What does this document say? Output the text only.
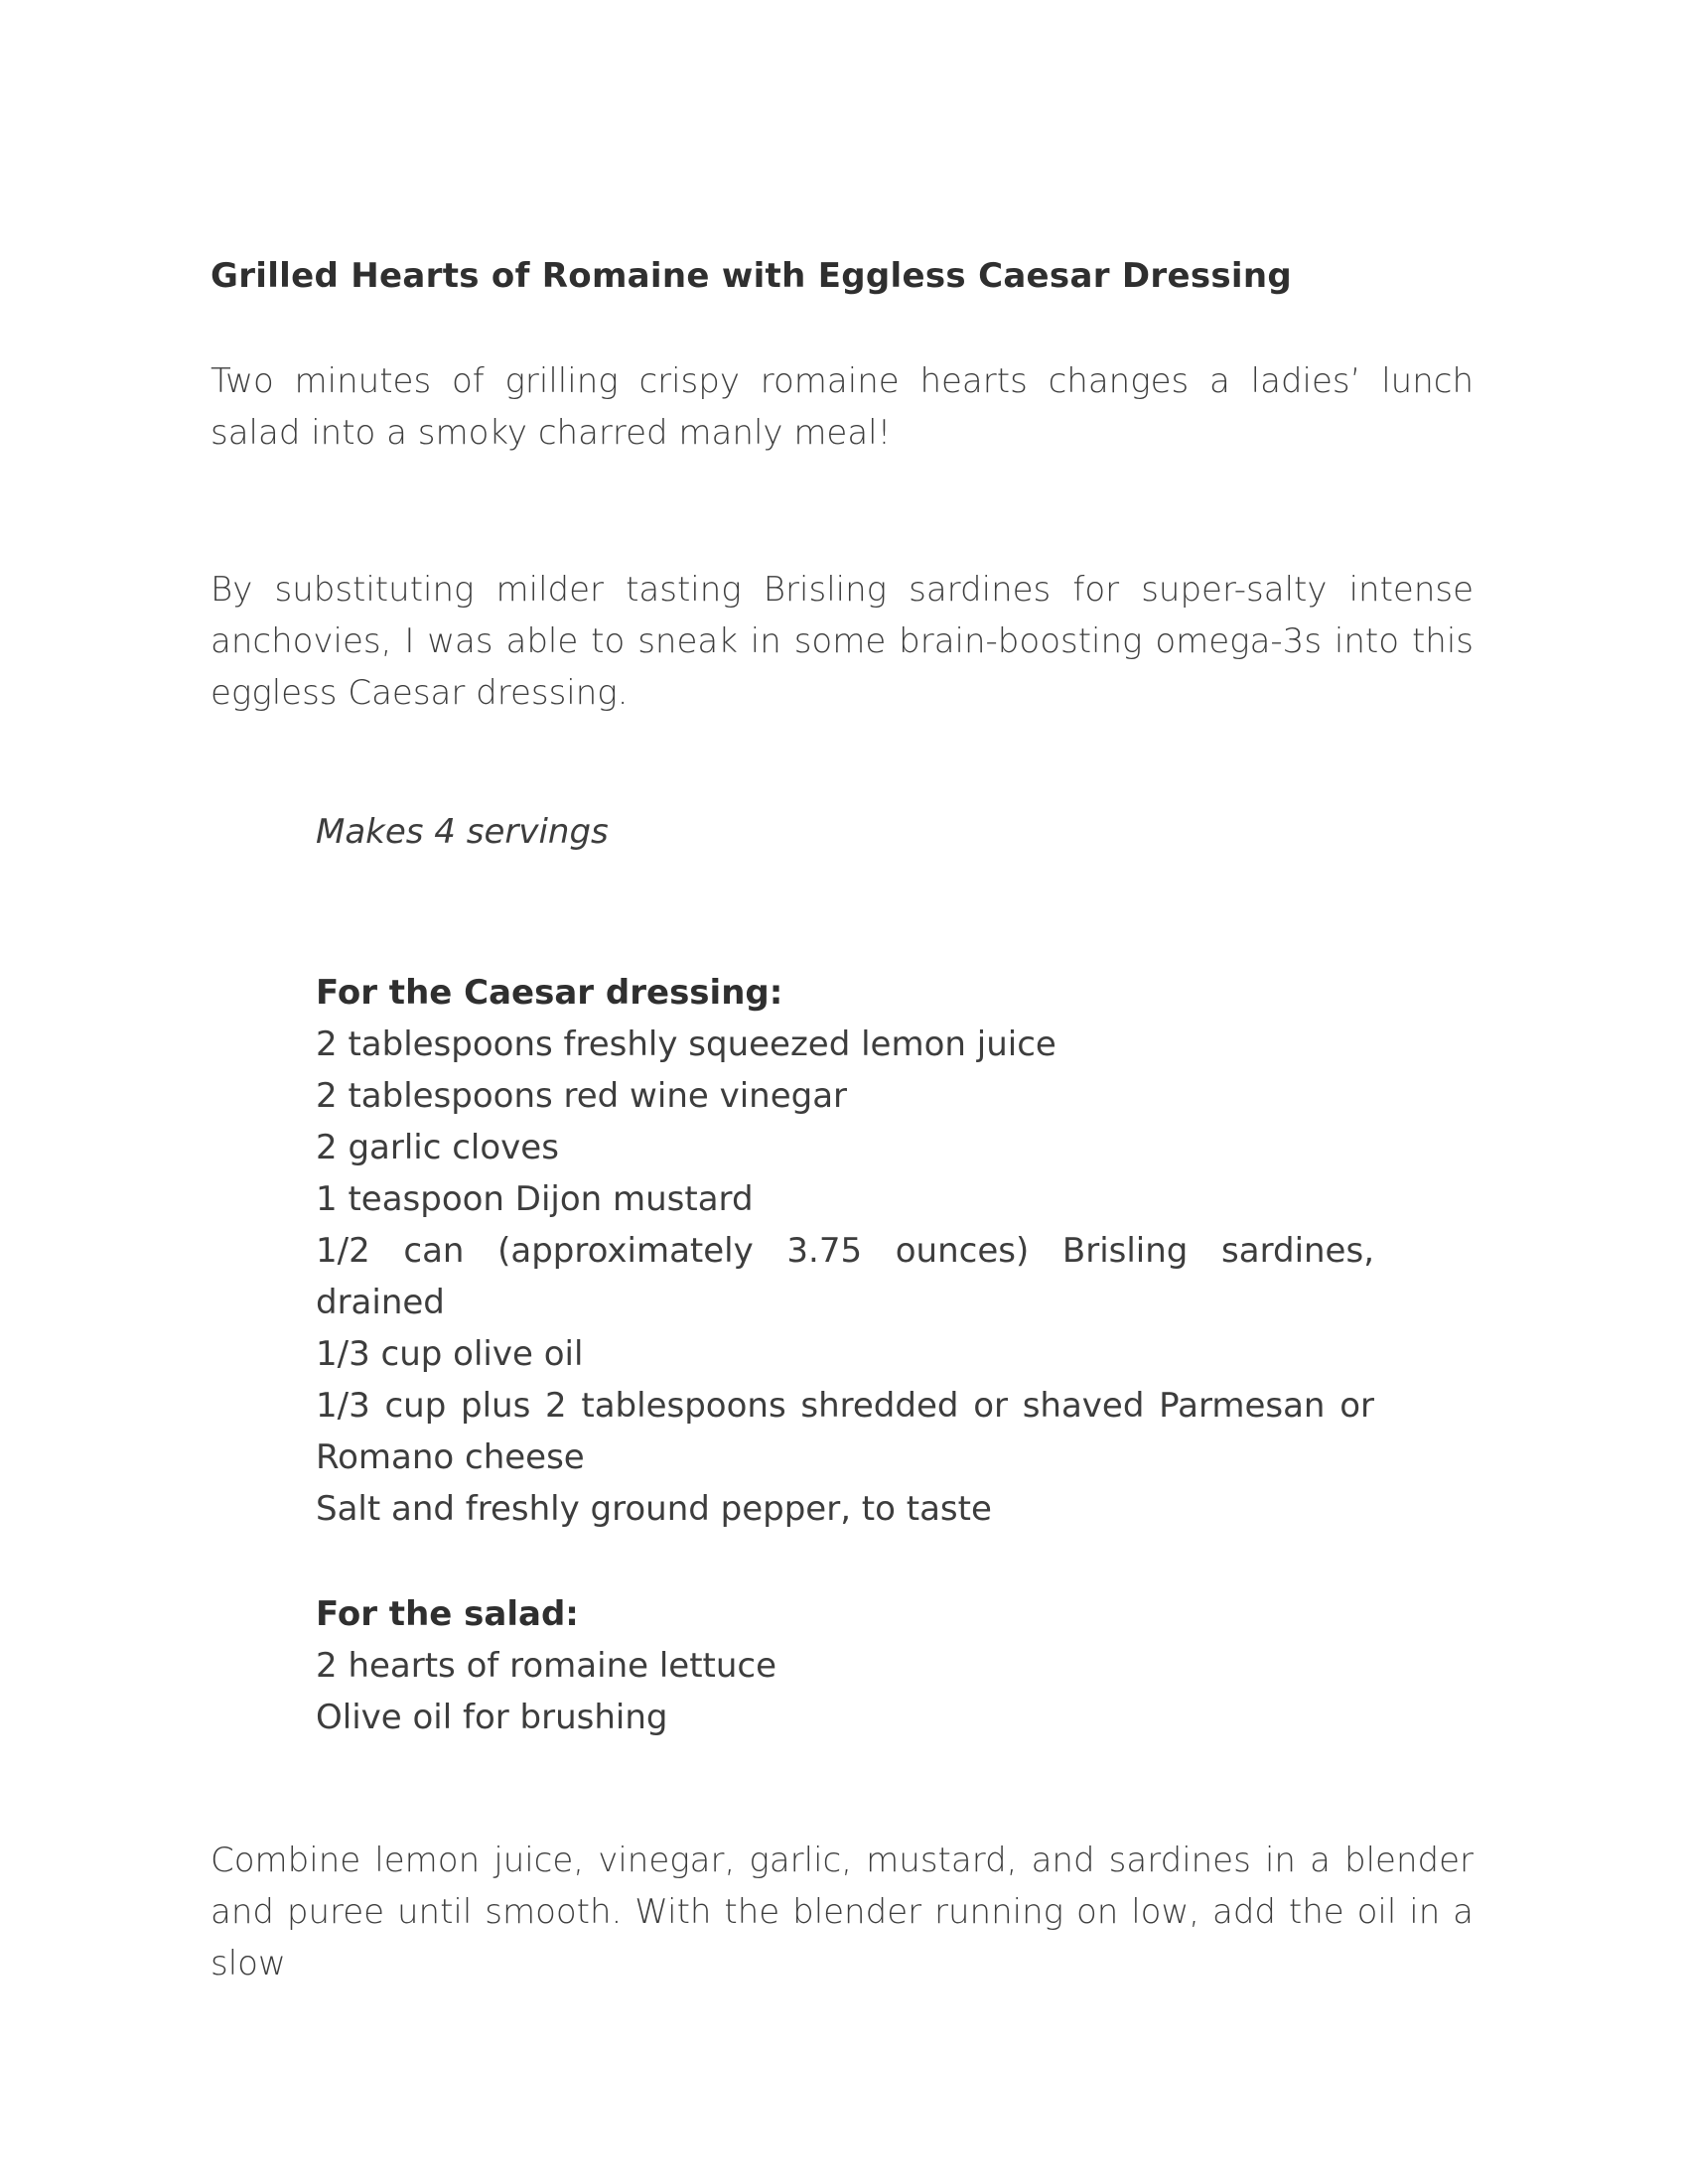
Grilled Hearts of Romaine with Eggless Caesar Dressing

Two minutes of grilling crispy romaine hearts changes a ladies’ lunch salad into a smoky charred manly meal!

By substituting milder tasting Brisling sardines for super-salty intense anchovies, I was able to sneak in some brain-boosting omega-3s into this eggless Caesar dressing.

Makes 4 servings
For the Caesar dressing:
2 tablespoons freshly squeezed lemon juice
2 tablespoons red wine vinegar
2 garlic cloves
1 teaspoon Dijon mustard
1/2 can (approximately 3.75 ounces) Brisling sardines, drained
1/3 cup olive oil
1/3 cup plus 2 tablespoons shredded or shaved Parmesan or Romano cheese
Salt and freshly ground pepper, to taste
For the salad:
2 hearts of romaine lettuce
Olive oil for brushing

Combine lemon juice, vinegar, garlic, mustard, and sardines in a blender and puree until smooth. With the blender running on low, add the oil in a slow
